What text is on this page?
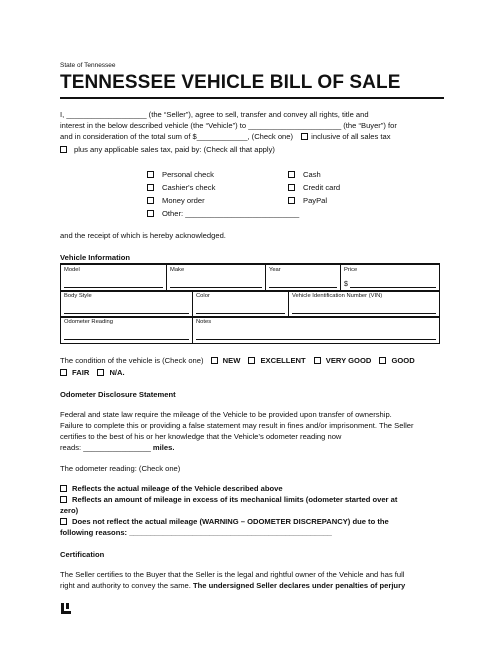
State of Tennessee
TENNESSEE VEHICLE BILL OF SALE
I, ___________________ (the “Seller”), agree to sell, transfer and convey all rights, title and
interest in the below described vehicle (the “Vehicle”) to ______________________ (the “Buyer”) for
and in consideration of the total sum of $____________, (Check one) inclusive of all sales tax
plus any applicable sales tax, paid by: (Check all that apply)
Personal check
Cashier's check
Money order
Other: ___________________________
Cash
Credit card
PayPal
and the receipt of which is hereby acknowledged.
Vehicle Information
Model	Make	Year	Price
$
Body Style	Color	Vehicle Identification Number (VIN)
Odometer Reading	Notes
The condition of the vehicle is (Check one)	NEW	EXCELLENT	VERY GOOD	GOOD
FAIR	N/A.
Odometer Disclosure Statement
Federal and state law require the mileage of the Vehicle to be provided upon transfer of ownership.
Failure to complete this or providing a false statement may result in fines and/or imprisonment. The Seller
certifies to the best of his or her knowledge that the Vehicle’s odometer reading now
reads: ________________ miles.
The odometer reading: (Check one)
Reflects the actual mileage of the Vehicle described above
Reflects an amount of mileage in excess of its mechanical limits (odometer started over at
zero)
Does not reflect the actual mileage (WARNING – ODOMETER DISCREPANCY) due to the
following reasons: ________________________________________________
Certification
The Seller certifies to the Buyer that the Seller is the legal and rightful owner of the Vehicle and has full
right and authority to convey the same. The undersigned Seller declares under penalties of perjury
